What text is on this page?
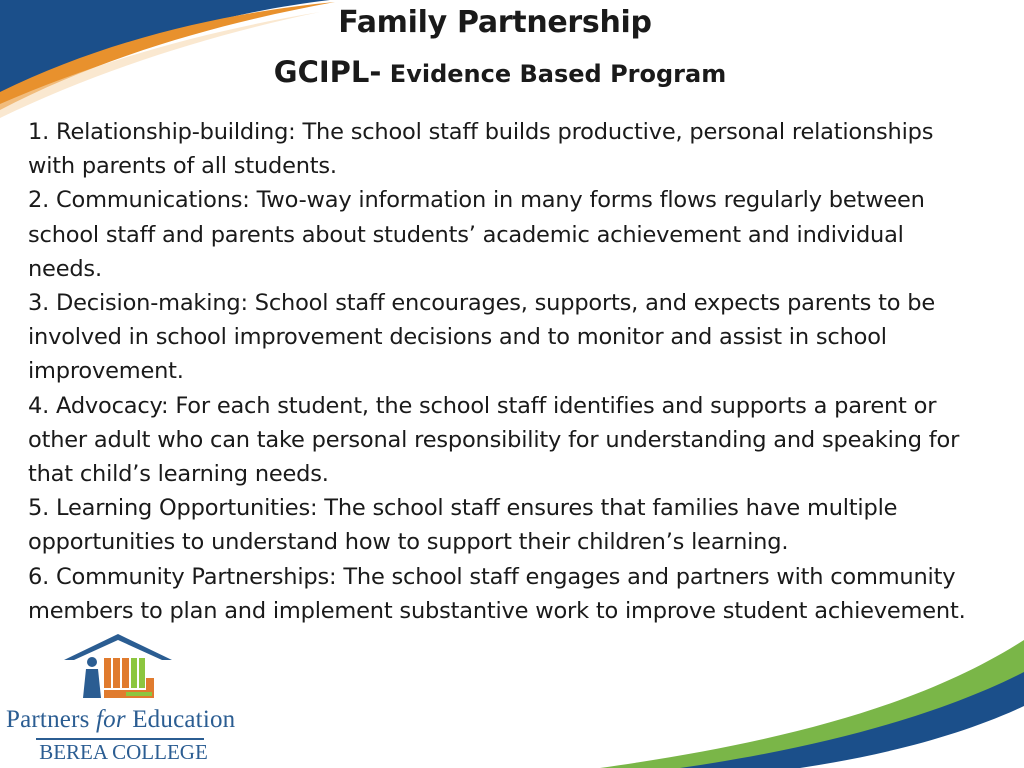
Family Partnership
GCIPL- Evidence Based Program

1. Relationship-building: The school staff builds productive, personal relationships

with parents of all students.

2. Communications: Two-way information in many forms flows regularly between

school staff and parents about students’ academic achievement and individual

needs.

3. Decision-making: School staff encourages, supports, and expects parents to be

involved in school improvement decisions and to monitor and assist in school

improvement.

4. Advocacy: For each student, the school staff identifies and supports a parent or

other adult who can take personal responsibility for understanding and speaking for

that child’s learning needs.

5. Learning Opportunities: The school staff ensures that families have multiple

opportunities to understand how to support their children’s learning.

6. Community Partnerships: The school staff engages and partners with community

members to plan and implement substantive work to improve student achievement.

Partners for Education
BEREA COLLEGE
